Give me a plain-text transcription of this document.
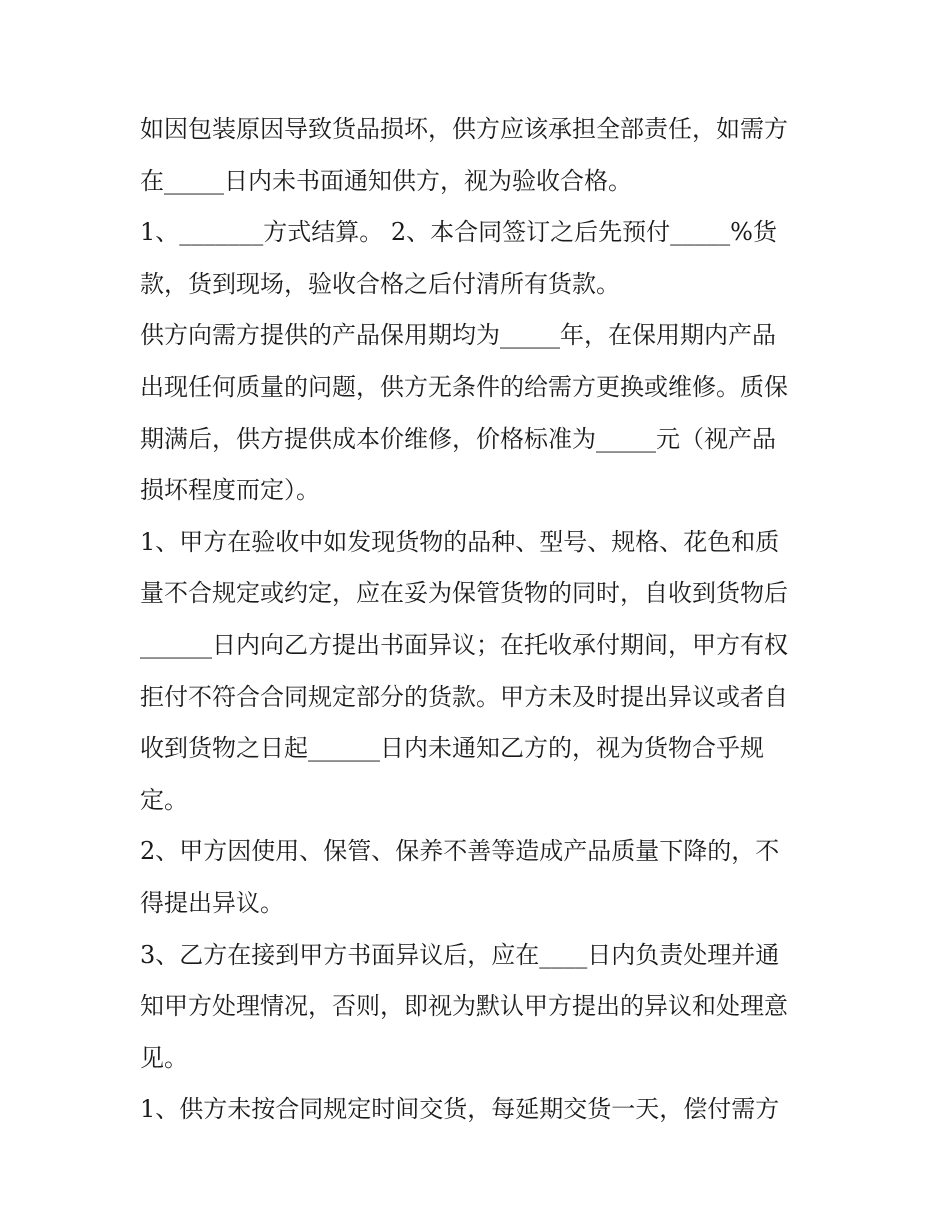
如因包装原因导致货品损坏，供方应该承担全部责任，如需方
在_____日内未书面通知供方，视为验收合格。
1、_______方式结算。 2、本合同签订之后先预付_____%货
款，货到现场，验收合格之后付清所有货款。
供方向需方提供的产品保用期均为_____年，在保用期内产品
出现任何质量的问题，供方无条件的给需方更换或维修。质保
期满后，供方提供成本价维修，价格标准为_____元（视产品
损坏程度而定）。
1、甲方在验收中如发现货物的品种、型号、规格、花色和质
量不合规定或约定，应在妥为保管货物的同时，自收到货物后
______日内向乙方提出书面异议；在托收承付期间，甲方有权
拒付不符合合同规定部分的货款。甲方未及时提出异议或者自
收到货物之日起______日内未通知乙方的，视为货物合乎规
定。
2、甲方因使用、保管、保养不善等造成产品质量下降的，不
得提出异议。
3、乙方在接到甲方书面异议后，应在____日内负责处理并通
知甲方处理情况，否则，即视为默认甲方提出的异议和处理意
见。
1、供方未按合同规定时间交货，每延期交货一天，偿付需方
